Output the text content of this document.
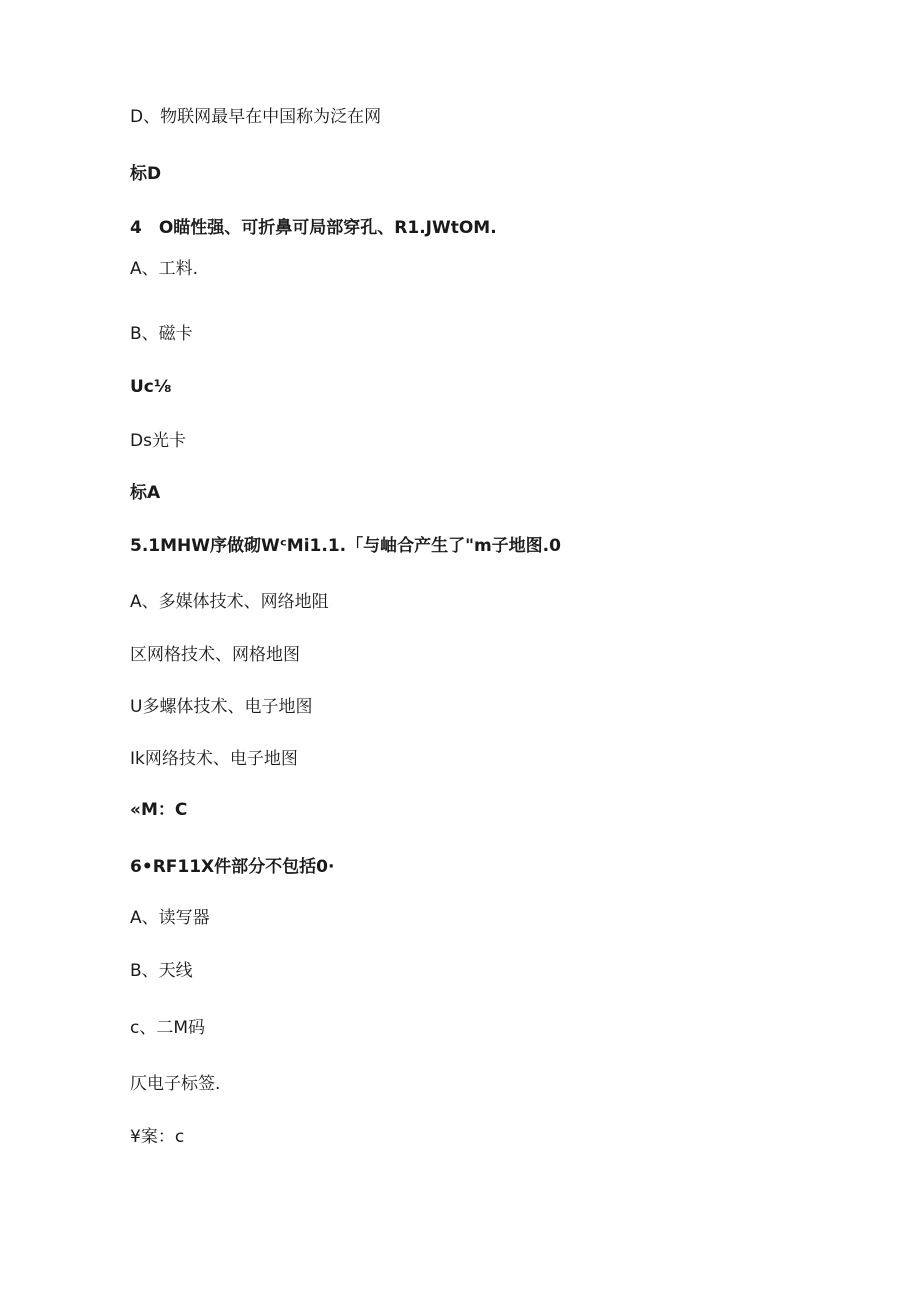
D、物联网最早在中国称为泛在网
标D
4　O瞄性强、可折鼻可局部穿孔、R1.JWtOM.
A、工料.
B、磁卡
Uc⅛
Ds光卡
标A
5.1MHW序做砌WᶜMi1.1.「与岫合产生了"m子地图.0
A、多媒体技术、网络地阻
区网格技术、网格地图
U多螺体技术、电子地图
Ik网络技术、电子地图
«M：C
6•RF11X件部分不包括0·
A、读写器
B、天线
c、二M码
仄电子标签.
¥案：c
